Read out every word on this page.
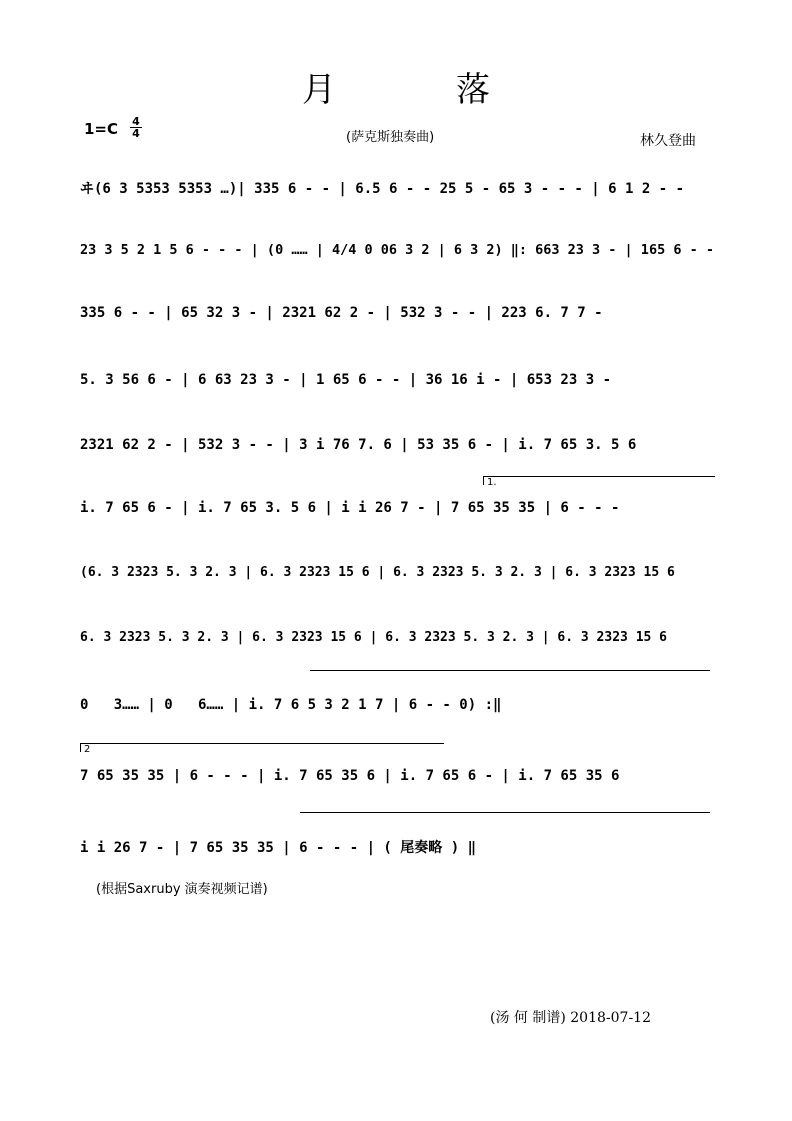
月	落
1=C 4
4	(萨克斯独奏曲)	林久登曲
ヰ(6 3 5353 5353 …)| 335 6 - - | 6.5 6 - - 25 5 - 65 3 - - - | 6 1 2 - -
23 3 5 2 1 5 6 - - - | (0 …… | 4/4 0 06 3 2 | 6 3 2) ‖: 663 23 3 - | 165 6 - -
335 6 - - | 65 32 3 - | 2321 62 2 - | 532 3 - - | 223 6. 7 7 -
5. 3 56 6 - | 6 63 23 3 - | 1 65 6 - - | 36 16 i - | 653 23 3 -
2321 62 2 - | 532 3 - - | 3 i 76 7. 6 | 53 35 6 - | i. 7 65 3. 5 6
1.
i. 7 65 6 - | i. 7 65 3. 5 6 | i i 26 7 - | 7 65 35 35 | 6 - - -
(6. 3 2323 5. 3 2. 3 | 6. 3 2323 15 6 | 6. 3 2323 5. 3 2. 3 | 6. 3 2323 15 6
6. 3 2323 5. 3 2. 3 | 6. 3 2323 15 6 | 6. 3 2323 5. 3 2. 3 | 6. 3 2323 15 6
0   3…… | 0   6…… | i. 7 6 5 3 2 1 7 | 6 - - 0) :‖
2
7 65 35 35 | 6 - - - | i. 7 65 35 6 | i. 7 65 6 - | i. 7 65 35 6
i i 26 7 - | 7 65 35 35 | 6 - - - | ( 尾奏略 ) ‖
(根据Saxruby 演奏视频记谱)
(汤 何 制谱) 2018-07-12
